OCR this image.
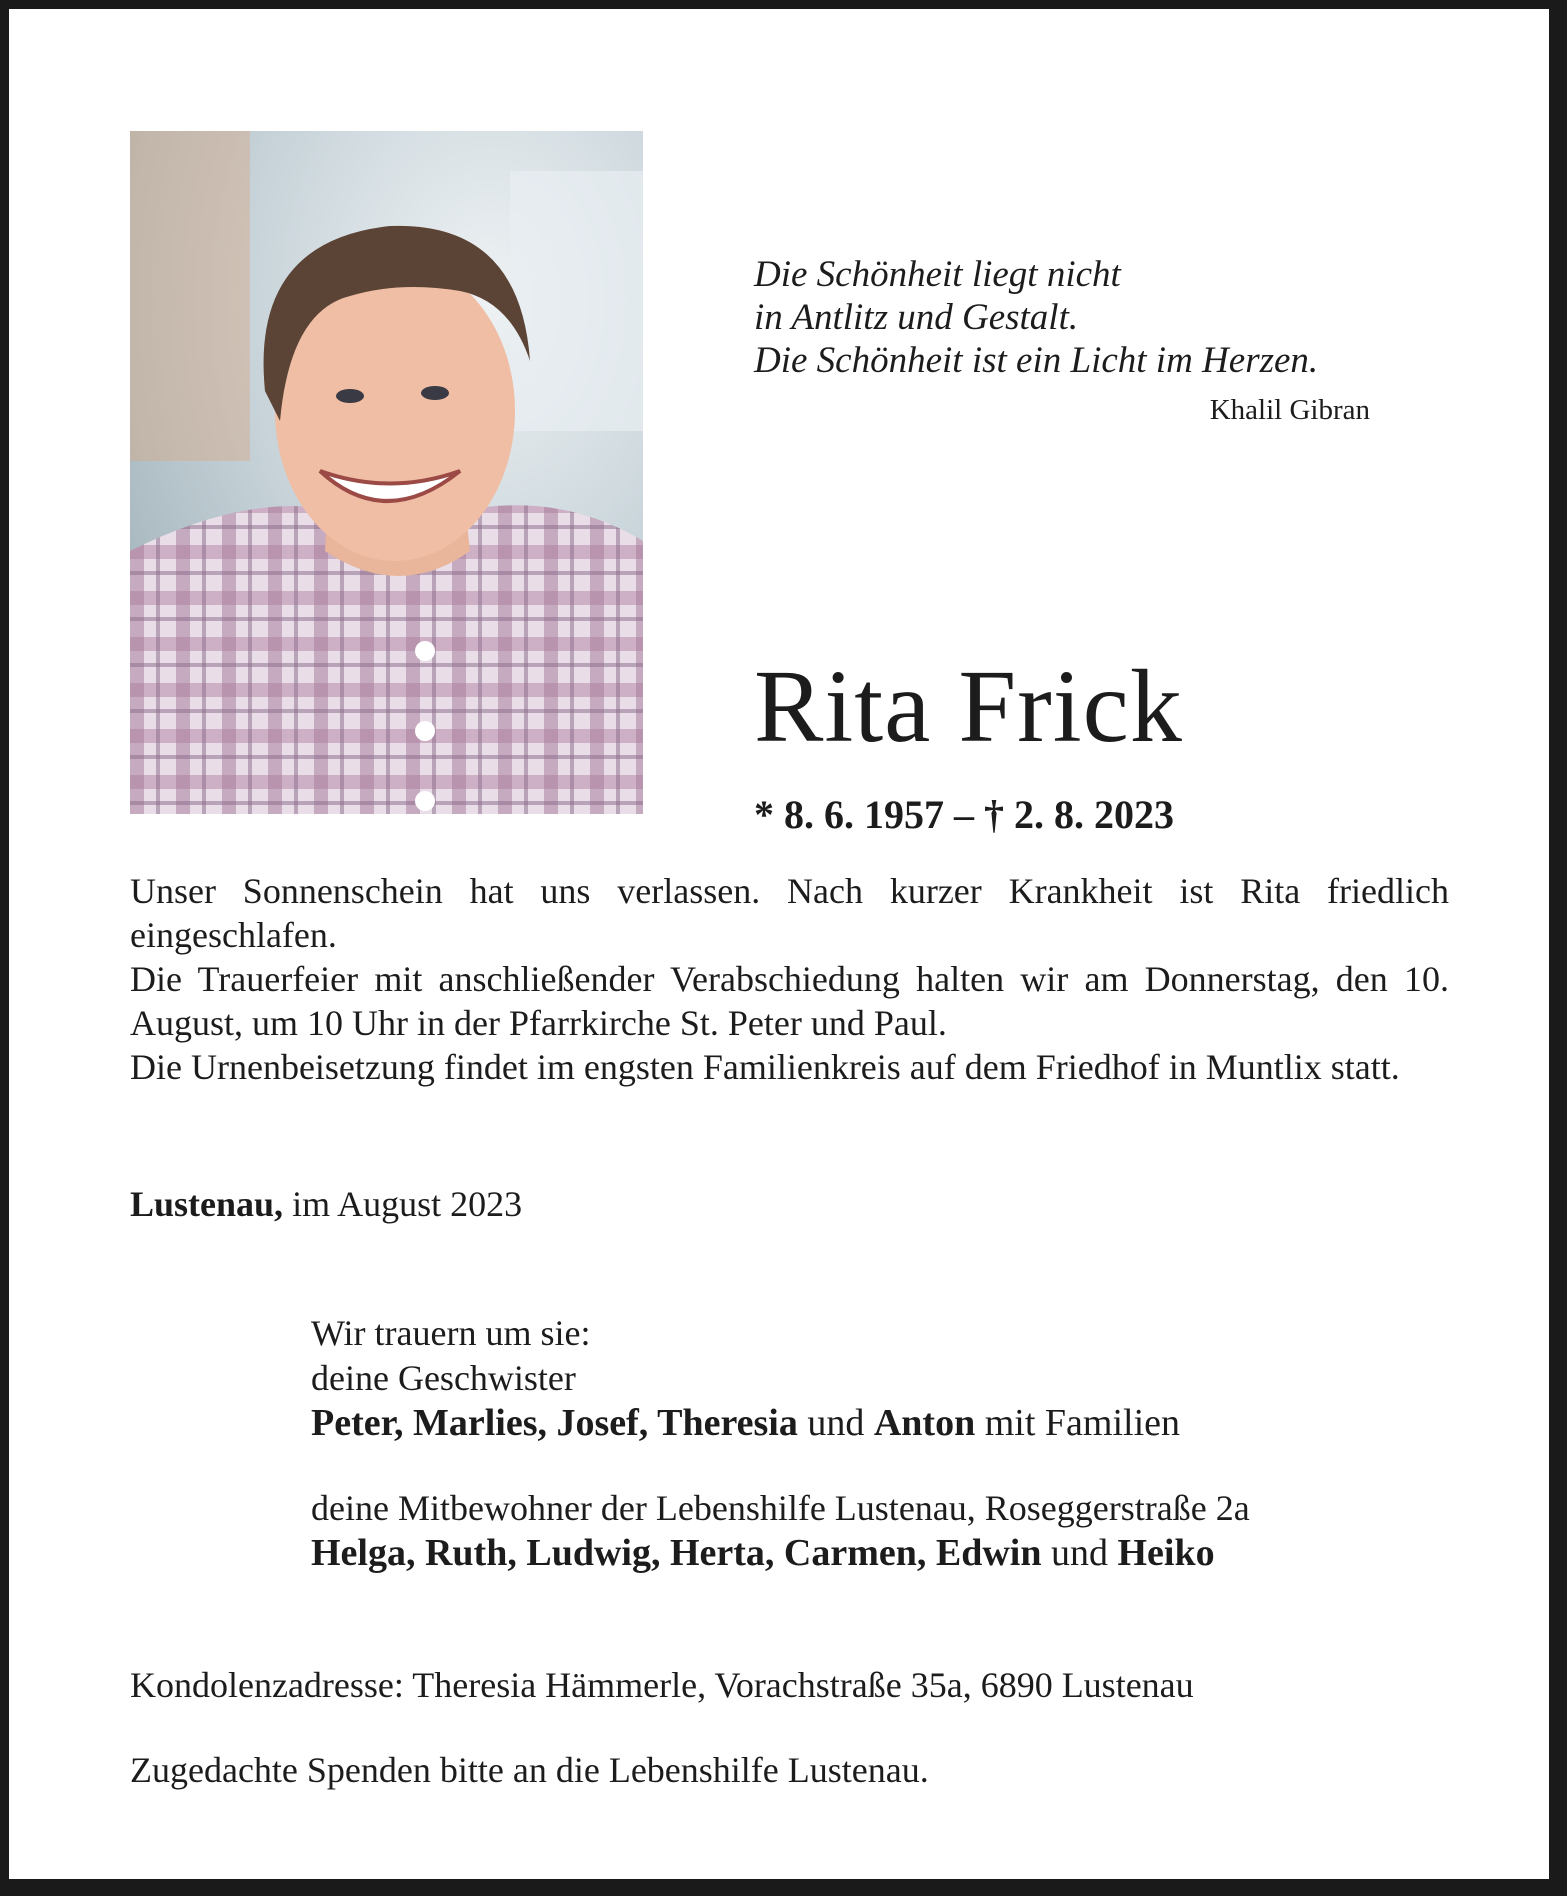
Die Schönheit liegt nicht
in Antlitz und Gestalt.
Die Schönheit ist ein Licht im Herzen.
Khalil Gibran
Rita Frick
* 8. 6. 1957 – † 2. 8. 2023

Unser Sonnenschein hat uns verlassen. Nach kurzer Krankheit ist Rita friedlich eingeschlafen.

Die Trauerfeier mit anschließender Verabschiedung halten wir am Donnerstag, den 10. August, um 10 Uhr in der Pfarrkirche St. Peter und Paul.

Die Urnenbeisetzung findet im engsten Familienkreis auf dem Friedhof in Muntlix statt.

Lustenau, im August 2023
Wir trauern um sie:
deine Geschwister
Peter, Marlies, Josef, Theresia und Anton mit Familien
deine Mitbewohner der Lebenshilfe Lustenau, Roseggerstraße 2a
Helga, Ruth, Ludwig, Herta, Carmen, Edwin und Heiko
Kondolenzadresse: Theresia Hämmerle, Vorachstraße 35a, 6890 Lustenau
Zugedachte Spenden bitte an die Lebenshilfe Lustenau.
